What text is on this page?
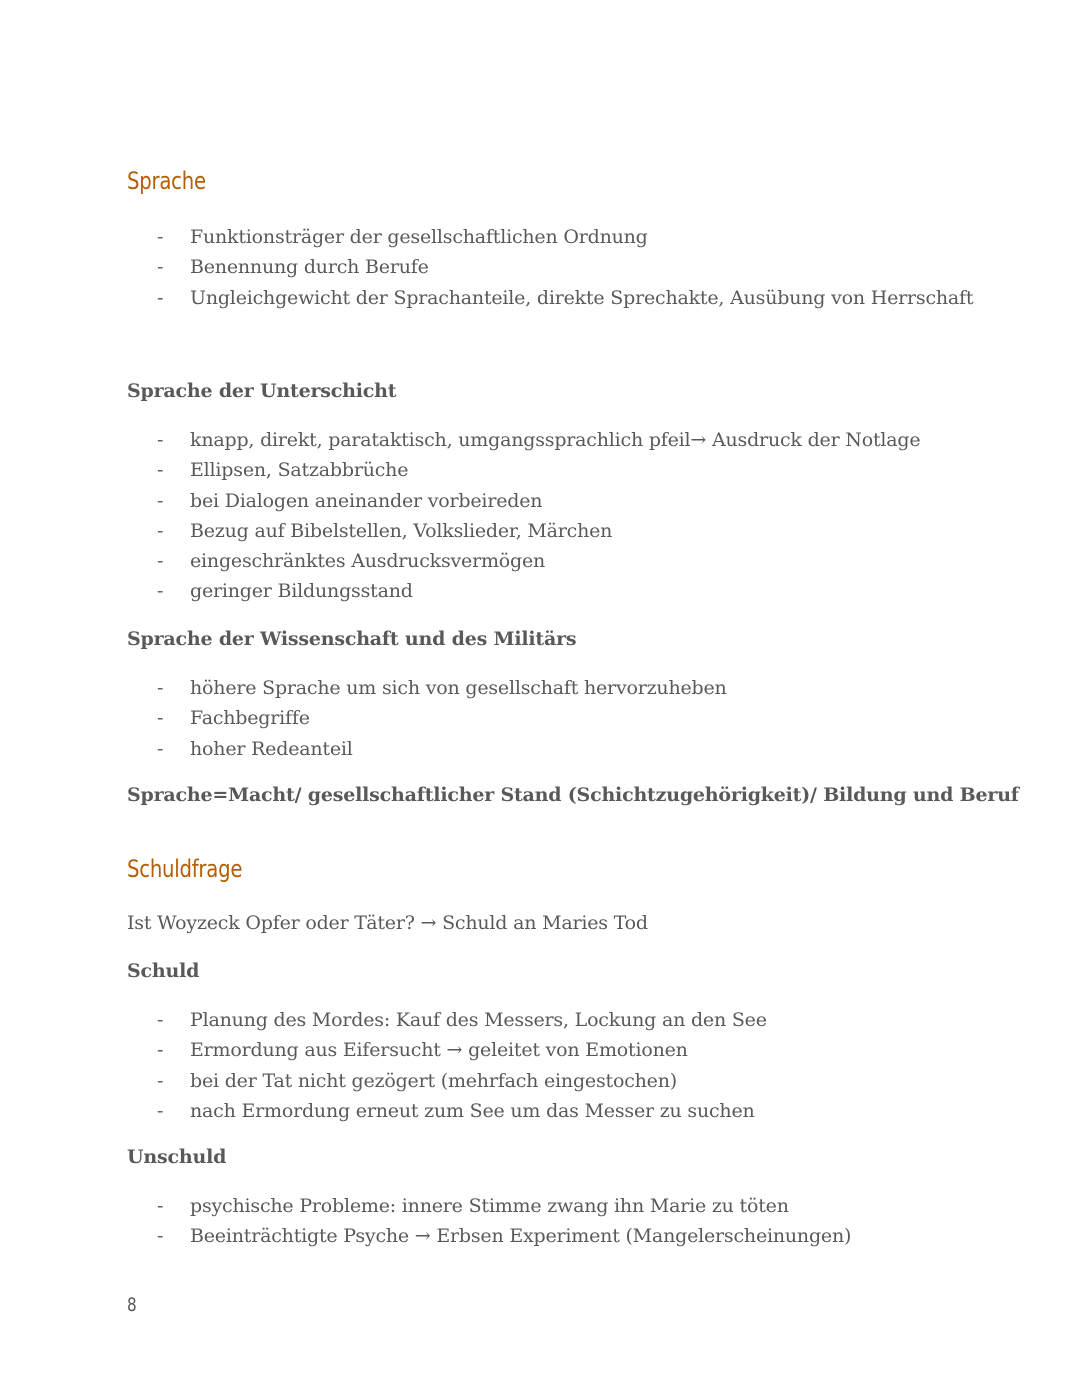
Sprache
- Funktionsträger der gesellschaftlichen Ordnung
- Benennung durch Berufe
- Ungleichgewicht der Sprachanteile, direkte Sprechakte, Ausübung von Herrschaft
Sprache der Unterschicht
- knapp, direkt, parataktisch, umgangssprachlich pfeil→ Ausdruck der Notlage
- Ellipsen, Satzabbrüche
- bei Dialogen aneinander vorbeireden
- Bezug auf Bibelstellen, Volkslieder, Märchen
- eingeschränktes Ausdrucksvermögen
- geringer Bildungsstand
Sprache der Wissenschaft und des Militärs
- höhere Sprache um sich von gesellschaft hervorzuheben
- Fachbegriffe
- hoher Redeanteil

Sprache=Macht/ gesellschaftlicher Stand (Schichtzugehörigkeit)/ Bildung und Beruf

Schuldfrage

Ist Woyzeck Opfer oder Täter? → Schuld an Maries Tod

Schuld
- Planung des Mordes: Kauf des Messers, Lockung an den See
- Ermordung aus Eifersucht → geleitet von Emotionen
- bei der Tat nicht gezögert (mehrfach eingestochen)
- nach Ermordung erneut zum See um das Messer zu suchen
Unschuld
- psychische Probleme: innere Stimme zwang ihn Marie zu töten
- Beeinträchtigte Psyche → Erbsen Experiment (Mangelerscheinungen)

8
